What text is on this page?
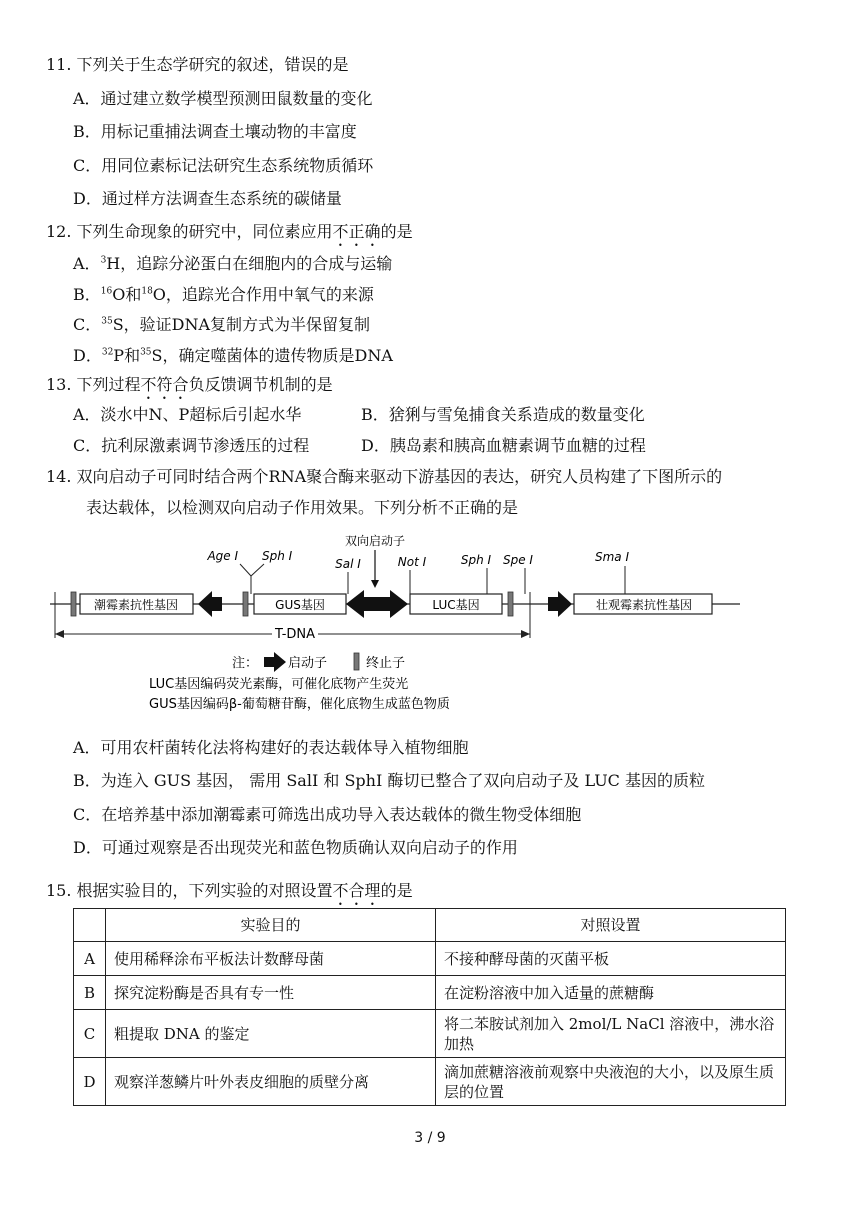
11. 下列关于生态学研究的叙述，错误的是
A．通过建立数学模型预测田鼠数量的变化
B．用标记重捕法调查土壤动物的丰富度
C．用同位素标记法研究生态系统物质循环
D．通过样方法调查生态系统的碳储量
12. 下列生命现象的研究中，同位素应用不正确的是
A．$^3$H，追踪分泌蛋白在细胞内的合成与运输
B．$^{16}$O和$^{18}$O，追踪光合作用中氧气的来源
C．$^{35}$S，验证DNA复制方式为半保留复制
D．$^{32}$P和$^{35}$S，确定噬菌体的遗传物质是DNA
13. 下列过程不符合负反馈调节机制的是
A．淡水中N、P超标后引起水华	B．猞猁与雪兔捕食关系造成的数量变化
C．抗利尿激素调节渗透压的过程	D．胰岛素和胰高血糖素调节血糖的过程
14. 双向启动子可同时结合两个RNA聚合酶来驱动下游基因的表达，研究人员构建了下图所示的
表达载体，以检测双向启动子作用效果。下列分析不正确的是
潮霉素抗性基因	GUS基因	LUC基因	壮观霉素抗性基因
Age Ⅰ Sph Ⅰ
Sal Ⅰ
双向启动子
Not Ⅰ	Sph Ⅰ Spe Ⅰ	Sma Ⅰ
T-DNA
注： 启动子	终止子
LUC基因编码荧光素酶，可催化底物产生荧光
GUS基因编码β-葡萄糖苷酶，催化底物生成蓝色物质
A．可用农杆菌转化法将构建好的表达载体导入植物细胞
B．为连入 GUS 基因， 需用 SalI 和 SphI 酶切已整合了双向启动子及 LUC 基因的质粒
C．在培养基中添加潮霉素可筛选出成功导入表达载体的微生物受体细胞
D．可通过观察是否出现荧光和蓝色物质确认双向启动子的作用
15. 根据实验目的，下列实验的对照设置不合理的是
	实验目的	对照设置
A	使用稀释涂布平板法计数酵母菌	不接种酵母菌的灭菌平板
B	探究淀粉酶是否具有专一性	在淀粉溶液中加入适量的蔗糖酶
C	粗提取 DNA 的鉴定	将二苯胺试剂加入 2mol/L NaCl 溶液中，沸水浴加热
D	观察洋葱鳞片叶外表皮细胞的质壁分离	滴加蔗糖溶液前观察中央液泡的大小，以及原生质层的位置
3 / 9
